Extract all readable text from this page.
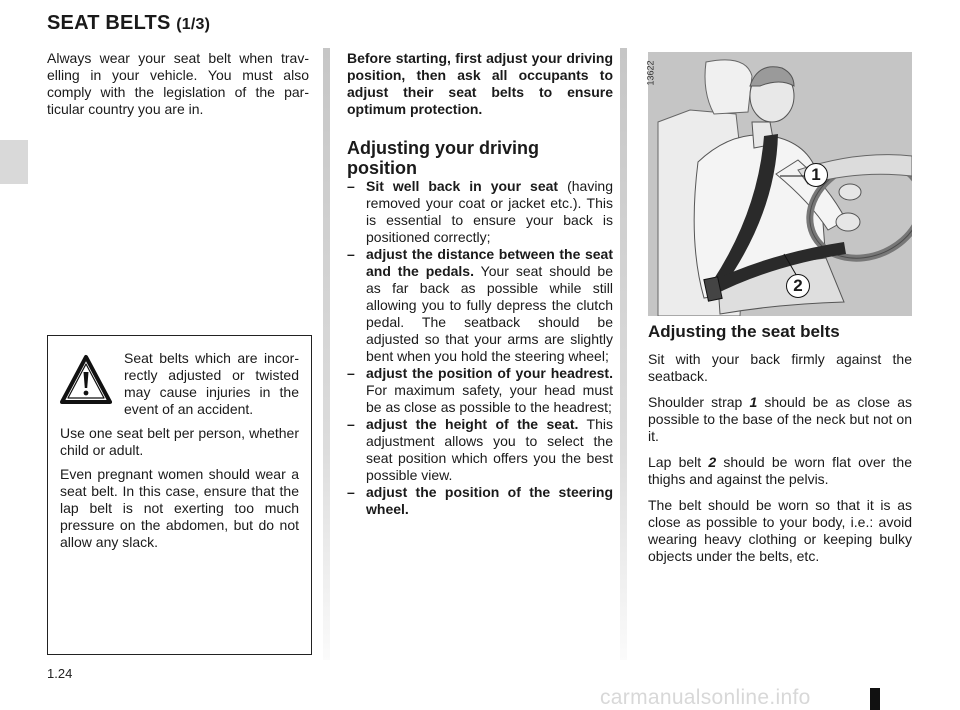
SEAT BELTS (1/3)

Always wear your seat belt when travelling in your vehicle. You must also comply with the legislation of the particular country you are in.

Seat belts which are incorrectly adjusted or twisted may cause injuries in the event of an accident.

Use one seat belt per person, whether child or adult.

Even pregnant women should wear a seat belt. In this case, ensure that the lap belt is not exerting too much pressure on the abdomen, but do not allow any slack.

Before starting, first adjust your driving position, then ask all occupants to adjust their seat belts to ensure optimum protection.

Adjusting your driving position
– Sit well back in your seat (having removed your coat or jacket etc.). This is essential to ensure your back is positioned correctly;
– adjust the distance between the seat and the pedals. Your seat should be as far back as possible while still allowing you to fully depress the clutch pedal. The seatback should be adjusted so that your arms are slightly bent when you hold the steering wheel;
– adjust the position of your headrest. For maximum safety, your head must be as close as possible to the headrest;
– adjust the height of the seat. This adjustment allows you to select the seat position which offers you the best possible view.
– adjust the position of the steering wheel.
13622
1
2
Adjusting the seat belts

Sit with your back firmly against the seatback.

Shoulder strap 1 should be as close as possible to the base of the neck but not on it.

Lap belt 2 should be worn flat over the thighs and against the pelvis.

The belt should be worn so that it is as close as possible to your body, i.e.: avoid wearing heavy clothing or keeping bulky objects under the belts, etc.

1.24
carmanualsonline.info
